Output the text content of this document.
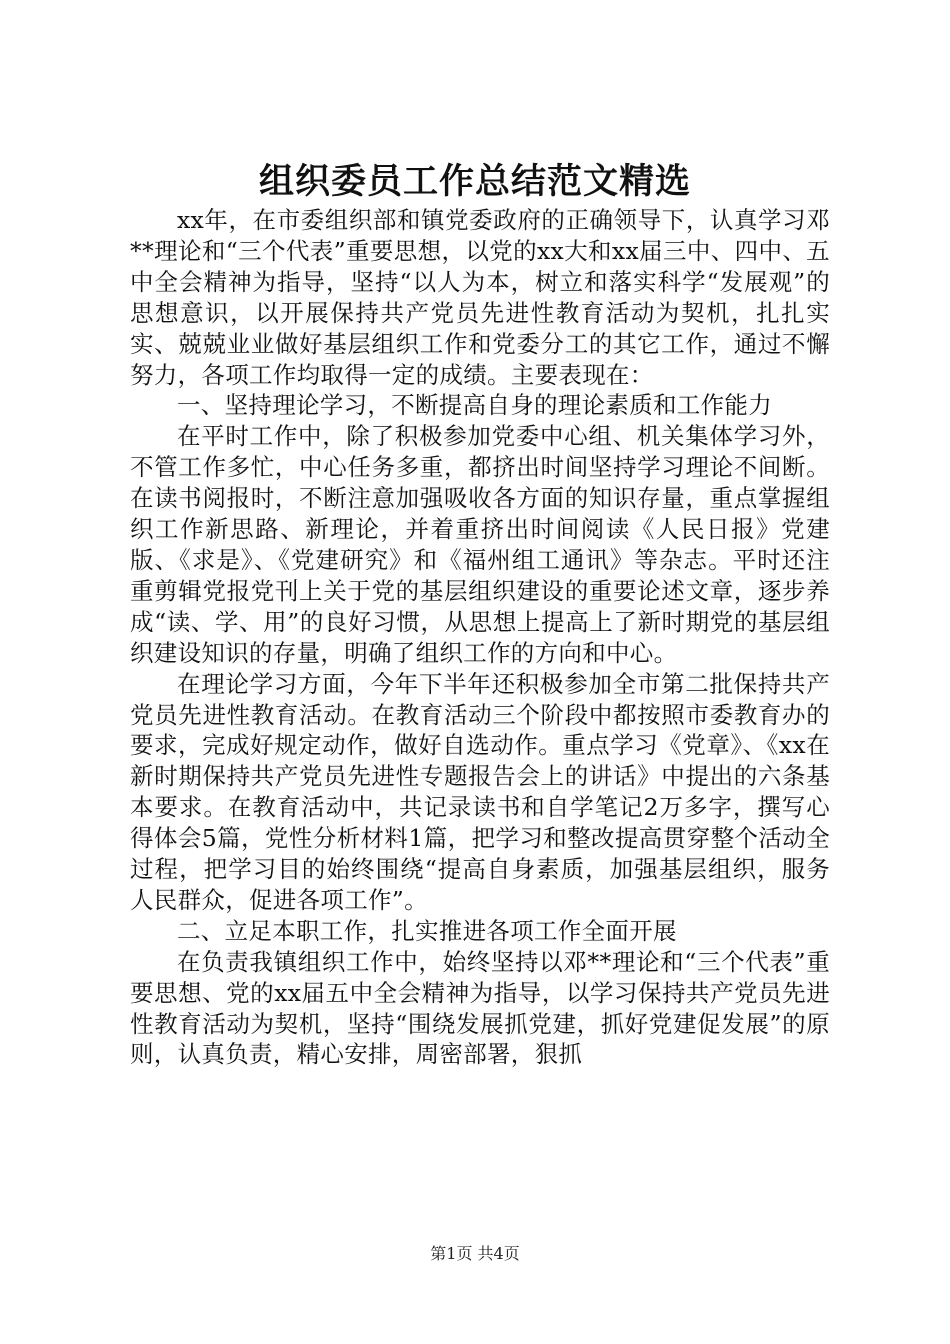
组织委员工作总结范文精选

xx年，在市委组织部和镇党委政府的正确领导下，认真学习邓**理论和“三个代表”重要思想，以党的xx大和xx届三中、四中、五中全会精神为指导，坚持“以人为本，树立和落实科学“发展观”的思想意识，以开展保持共产党员先进性教育活动为契机，扎扎实实、兢兢业业做好基层组织工作和党委分工的其它工作，通过不懈努力，各项工作均取得一定的成绩。主要表现在：

一、坚持理论学习，不断提高自身的理论素质和工作能力

在平时工作中，除了积极参加党委中心组、机关集体学习外，不管工作多忙，中心任务多重，都挤出时间坚持学习理论不间断。在读书阅报时，不断注意加强吸收各方面的知识存量，重点掌握组织工作新思路、新理论，并着重挤出时间阅读《人民日报》党建版、《求是》、《党建研究》和《福州组工通讯》等杂志。平时还注重剪辑党报党刊上关于党的基层组织建设的重要论述文章，逐步养成“读、学、用”的良好习惯，从思想上提高上了新时期党的基层组织建设知识的存量，明确了组织工作的方向和中心。

在理论学习方面，今年下半年还积极参加全市第二批保持共产党员先进性教育活动。在教育活动三个阶段中都按照市委教育办的要求，完成好规定动作，做好自选动作。重点学习《党章》、《xx在新时期保持共产党员先进性专题报告会上的讲话》中提出的六条基本要求。在教育活动中，共记录读书和自学笔记2万多字，撰写心得体会5篇，党性分析材料1篇，把学习和整改提高贯穿整个活动全过程，把学习目的始终围绕“提高自身素质，加强基层组织，服务人民群众，促进各项工作”。

二、立足本职工作，扎实推进各项工作全面开展

在负责我镇组织工作中，始终坚持以邓**理论和“三个代表”重要思想、党的xx届五中全会精神为指导，以学习保持共产党员先进性教育活动为契机，坚持“围绕发展抓党建，抓好党建促发展”的原则，认真负责，精心安排，周密部署，狠抓

第1页 共4页
